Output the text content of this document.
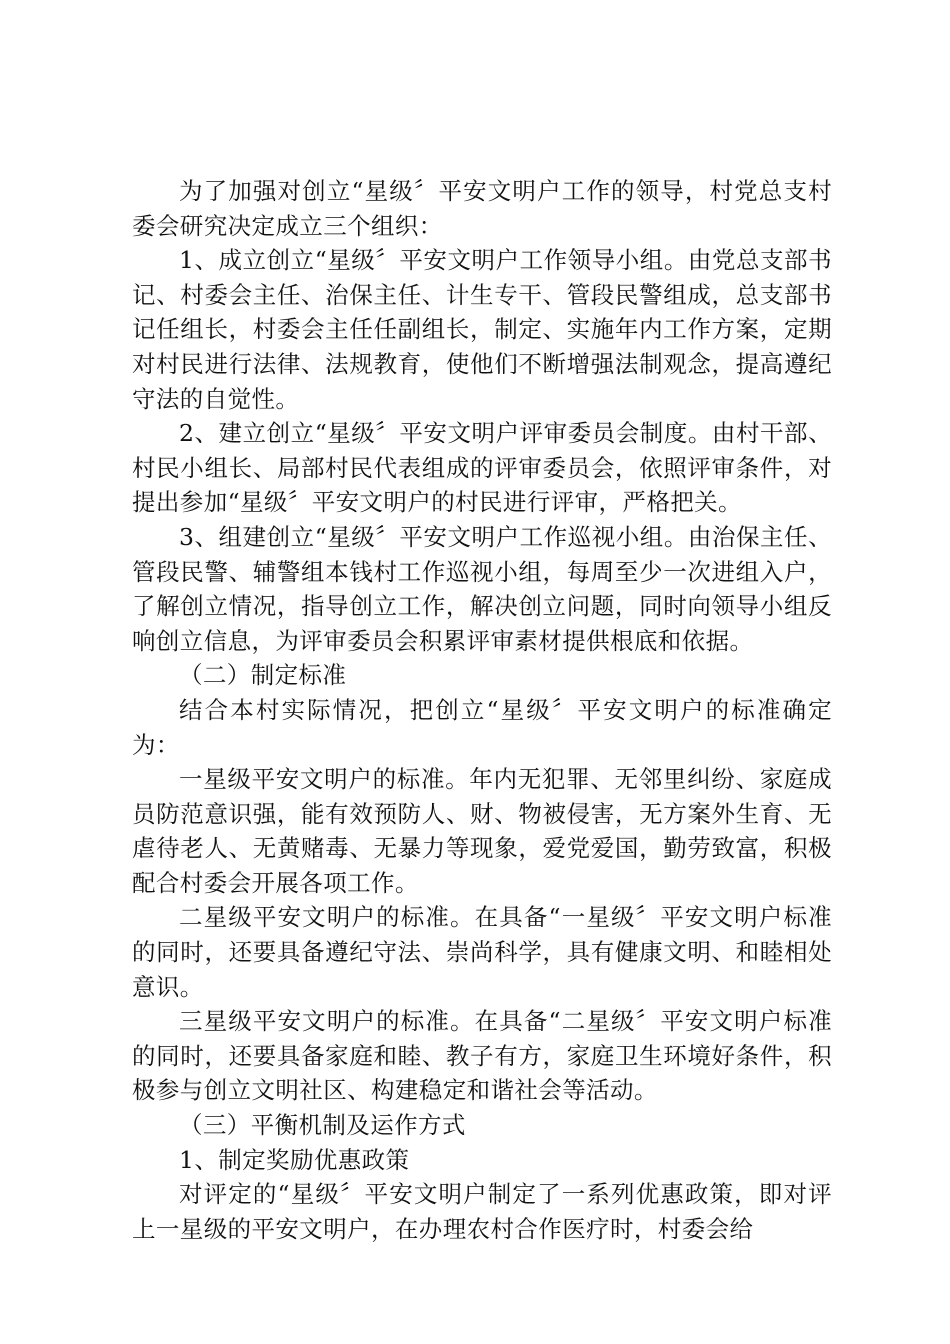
为了加强对创立“星级〞平安文明户工作的领导，村党总支村委会研究决定成立三个组织：

1、成立创立“星级〞平安文明户工作领导小组。由党总支部书记、村委会主任、治保主任、计生专干、管段民警组成，总支部书记任组长，村委会主任任副组长，制定、实施年内工作方案，定期对村民进行法律、法规教育，使他们不断增强法制观念，提高遵纪守法的自觉性。

2、建立创立“星级〞平安文明户评审委员会制度。由村干部、村民小组长、局部村民代表组成的评审委员会，依照评审条件，对提出参加“星级〞平安文明户的村民进行评审，严格把关。

3、组建创立“星级〞平安文明户工作巡视小组。由治保主任、管段民警、辅警组本钱村工作巡视小组，每周至少一次进组入户，了解创立情况，指导创立工作，解决创立问题，同时向领导小组反响创立信息，为评审委员会积累评审素材提供根底和依据。

（二）制定标准

结合本村实际情况，把创立“星级〞平安文明户的标准确定为：

一星级平安文明户的标准。年内无犯罪、无邻里纠纷、家庭成员防范意识强，能有效预防人、财、物被侵害，无方案外生育、无虐待老人、无黄赌毒、无暴力等现象，爱党爱国，勤劳致富，积极配合村委会开展各项工作。

二星级平安文明户的标准。在具备“一星级〞平安文明户标准的同时，还要具备遵纪守法、崇尚科学，具有健康文明、和睦相处意识。

三星级平安文明户的标准。在具备“二星级〞平安文明户标准的同时，还要具备家庭和睦、教子有方，家庭卫生环境好条件，积极参与创立文明社区、构建稳定和谐社会等活动。

（三）平衡机制及运作方式

1、制定奖励优惠政策

对评定的“星级〞平安文明户制定了一系列优惠政策，即对评上一星级的平安文明户，在办理农村合作医疗时，村委会给
